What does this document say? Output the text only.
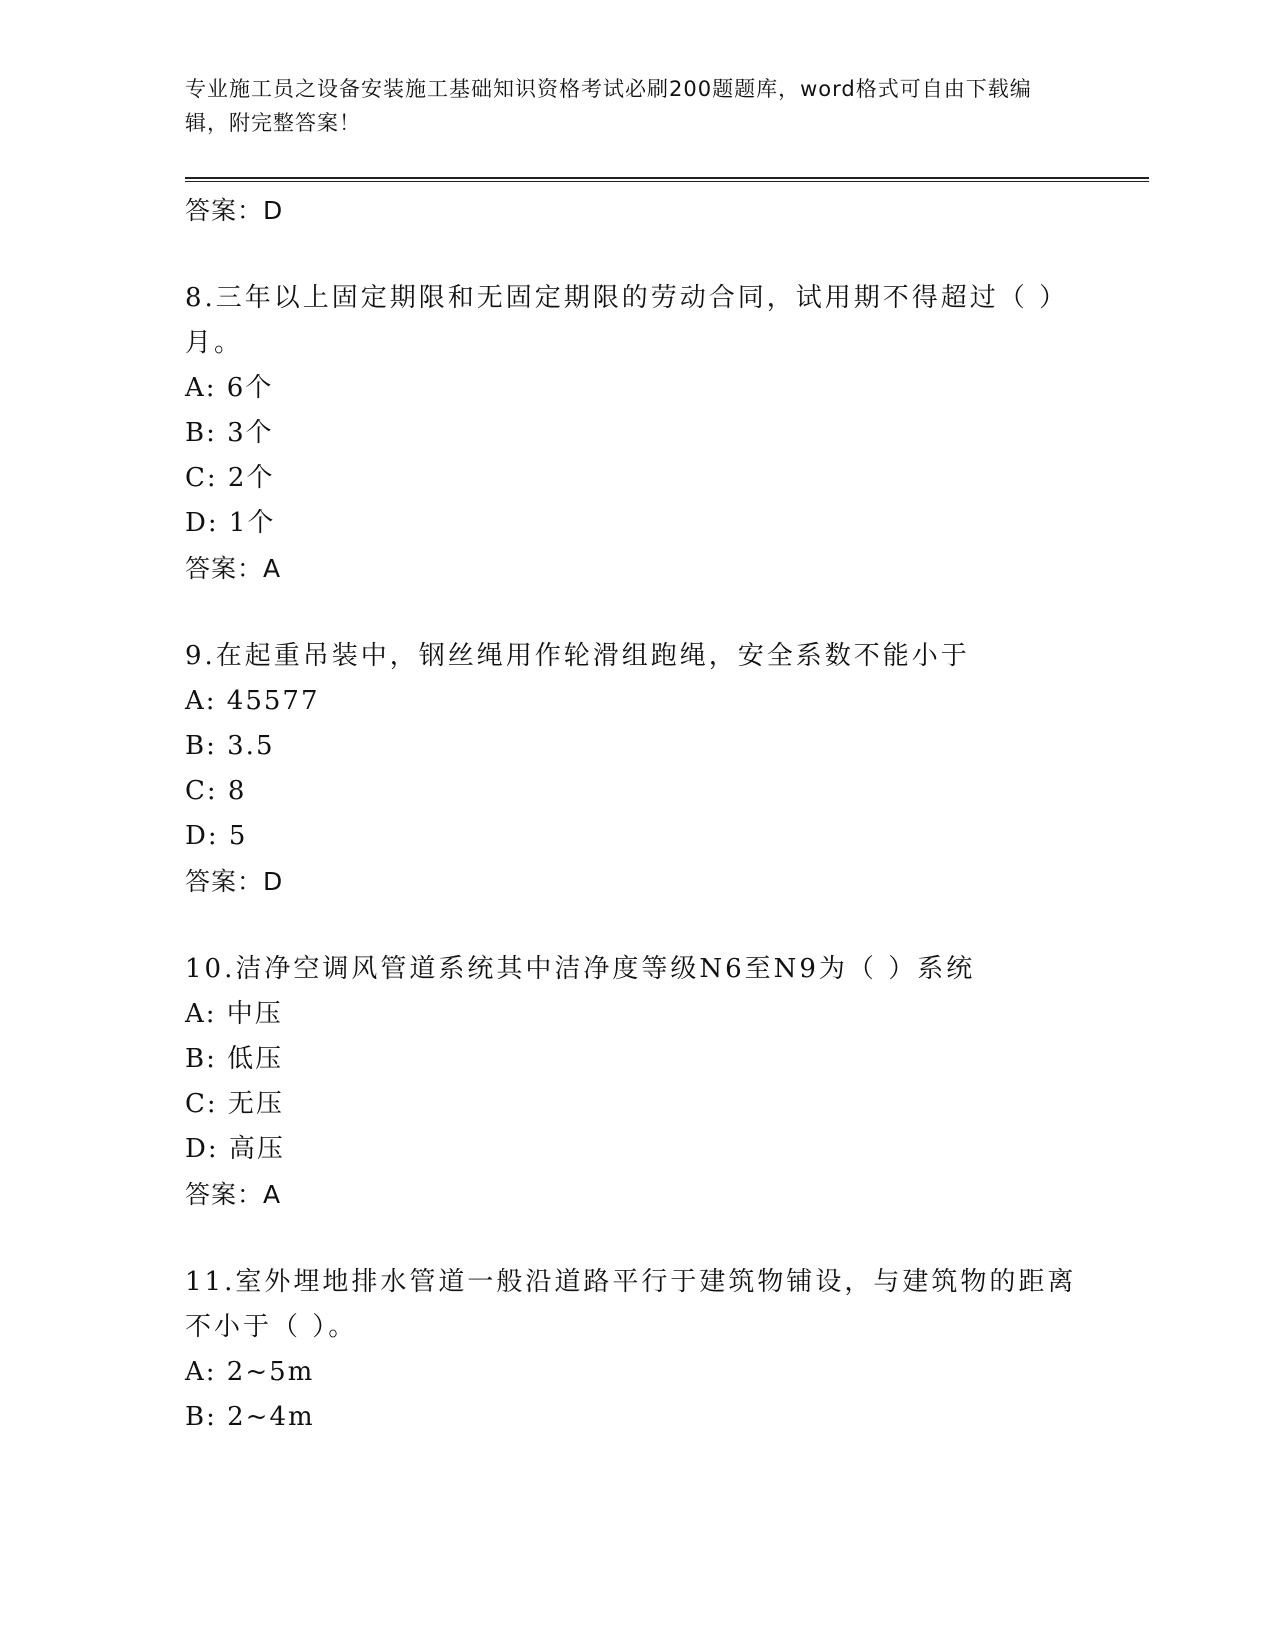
专业施工员之设备安装施工基础知识资格考试必刷200题题库，word格式可自由下载编辑，附完整答案！
答案：D
8.三年以上固定期限和无固定期限的劳动合同，试用期不得超过（ ）月。
A: 6个
B: 3个
C: 2个
D: 1个
答案：A
9.在起重吊装中，钢丝绳用作轮滑组跑绳，安全系数不能小于
A: 45577
B: 3.5
C: 8
D: 5
答案：D
10.洁净空调风管道系统其中洁净度等级N6至N9为（ ）系统
A: 中压
B: 低压
C: 无压
D: 高压
答案：A
11.室外埋地排水管道一般沿道路平行于建筑物铺设，与建筑物的距离不小于（ ）。
A: 2~5m
B: 2~4m
